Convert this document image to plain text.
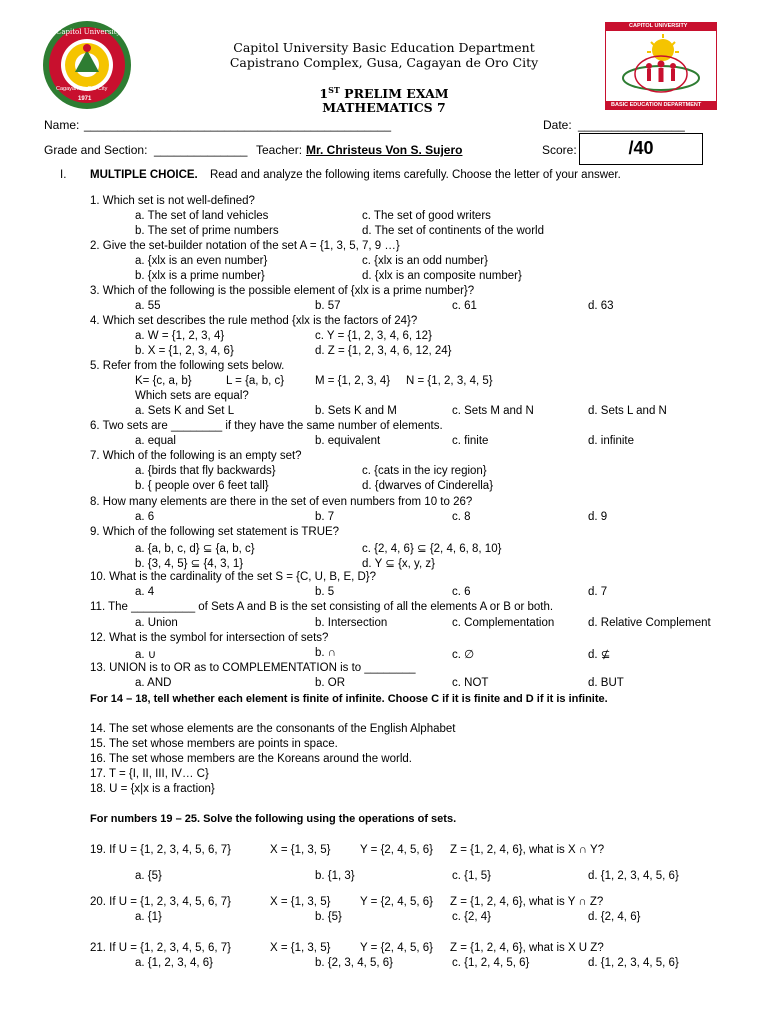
Capitol University
Cagayan de Oro City
1971
CAPITOL UNIVERSITY
BASIC EDUCATION DEPARTMENT
Capitol University Basic Education Department
Capistrano Complex, Gusa, Cagayan de Oro City
1ST PRELIM EXAM
MATHEMATICS 7
Name: ______________________________________________	Date: ________________
Grade and Section: ______________ Teacher: Mr. Christeus Von S. Sujero	Score:	/40
I. MULTIPLE CHOICE. Read and analyze the following items carefully. Choose the letter of your answer.
1. Which set is not well-defined?
a. The set of land vehicles	c. The set of good writers
b. The set of prime numbers	d. The set of continents of the world
2. Give the set-builder notation of the set A = {1, 3, 5, 7, 9 …}
a. {xlx is an even number}	c. {xlx is an odd number}
b. {xlx is a prime number}	d. {xlx is an composite number}
3. Which of the following is the possible element of {xlx is a prime number}?
a. 55	b. 57	c. 61	d. 63
4. Which set describes the rule method {xlx is the factors of 24}?
a. W = {1, 2, 3, 4}	c. Y = {1, 2, 3, 4, 6, 12}
b. X = {1, 2, 3, 4, 6}	d. Z = {1, 2, 3, 4, 6, 12, 24}
5. Refer from the following sets below.
K= {c, a, b}	L = {a, b, c}	M = {1, 2, 3, 4} N = {1, 2, 3, 4, 5}
Which sets are equal?
a. Sets K and Set L	b. Sets K and M	c. Sets M and N	d. Sets L and N
6. Two sets are ________ if they have the same number of elements.
a. equal	b. equivalent	c. finite	d. infinite
7. Which of the following is an empty set?
a. {birds that fly backwards}	c. {cats in the icy region}
b. { people over 6 feet tall}	d. {dwarves of Cinderella}
8. How many elements are there in the set of even numbers from 10 to 26?
a. 6	b. 7	c. 8	d. 9
9. Which of the following set statement is TRUE?
a. {a, b, c, d} ⊆ {a, b, c}	c. {2, 4, 6} ⊆ {2, 4, 6, 8, 10}
b. {3, 4, 5} ⊆ {4, 3, 1}	d. Y ⊆ {x, y, z}
10. What is the cardinality of the set S = {C, U, B, E, D}?
a. 4	b. 5	c. 6	d. 7
11. The __________ of Sets A and B is the set consisting of all the elements A or B or both.
a. Union	b. Intersection	c. Complementation	d. Relative Complement
12. What is the symbol for intersection of sets?
a. ∪	b. ∩	c. ∅	d. ⊈
13. UNION is to OR as to COMPLEMENTATION is to ________
a. AND	b. OR	c. NOT	d. BUT
For 14 – 18, tell whether each element is finite of infinite. Choose C if it is finite and D if it is infinite.
14. The set whose elements are the consonants of the English Alphabet
15. The set whose members are points in space.
16. The set whose members are the Koreans around the world.
17. T = {I, II, III, IV… C}
18. U = {x|x is a fraction}
For numbers 19 – 25. Solve the following using the operations of sets.
19. If U = {1, 2, 3, 4, 5, 6, 7}	X = {1, 3, 5}	Y = {2, 4, 5, 6} Z = {1, 2, 4, 6}, what is X ∩ Y?
a. {5}	b. {1, 3}	c. {1, 5}	d. {1, 2, 3, 4, 5, 6}
20. If U = {1, 2, 3, 4, 5, 6, 7}	X = {1, 3, 5}	Y = {2, 4, 5, 6} Z = {1, 2, 4, 6}, what is Y ∩ Z?
a. {1}	b. {5}	c. {2, 4}	d. {2, 4, 6}
21. If U = {1, 2, 3, 4, 5, 6, 7}	X = {1, 3, 5}	Y = {2, 4, 5, 6} Z = {1, 2, 4, 6}, what is X U Z?
a. {1, 2, 3, 4, 6}	b. {2, 3, 4, 5, 6}	c. {1, 2, 4, 5, 6}	d. {1, 2, 3, 4, 5, 6}
